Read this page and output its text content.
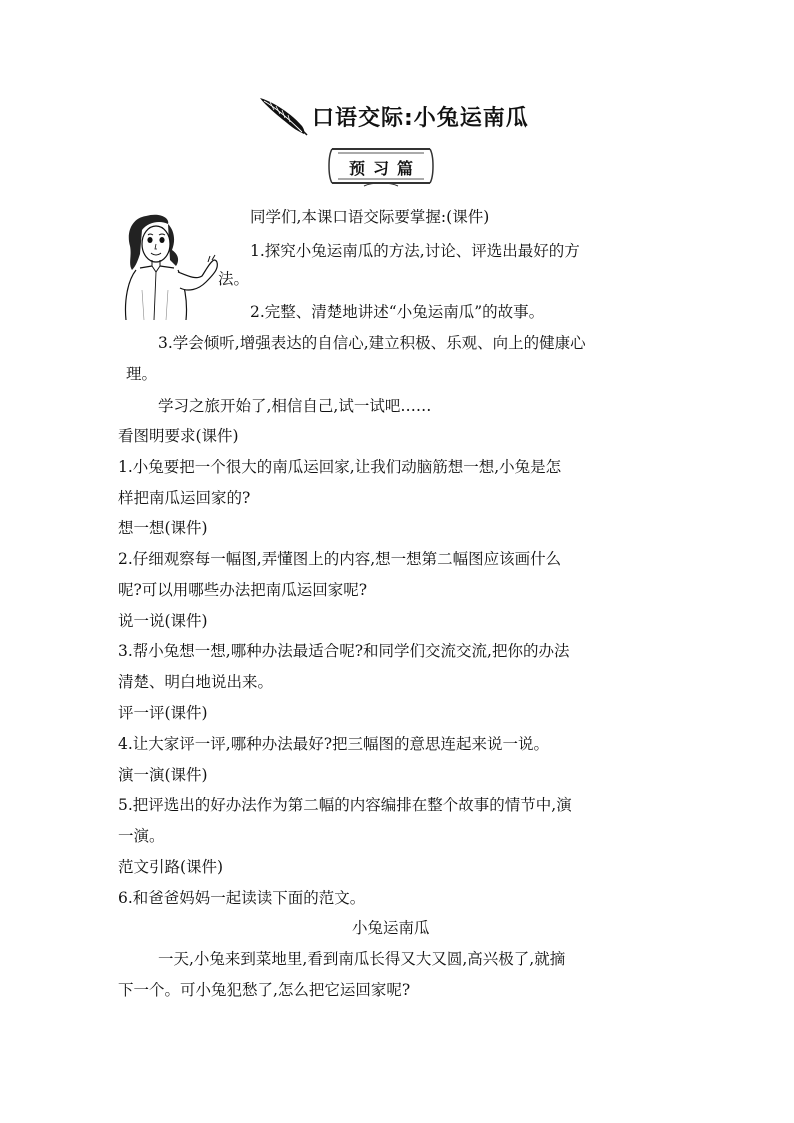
口语交际:小兔运南瓜
预习篇
同学们,本课口语交际要掌握:(课件)
1.探究小兔运南瓜的方法,讨论、评选出最好的方
法。
2.完整、清楚地讲述“小兔运南瓜”的故事。
3.学会倾听,增强表达的自信心,建立积极、乐观、向上的健康心
理。
学习之旅开始了,相信自己,试一试吧……
看图明要求(课件)
1.小兔要把一个很大的南瓜运回家,让我们动脑筋想一想,小兔是怎
样把南瓜运回家的?
想一想(课件)
2.仔细观察每一幅图,弄懂图上的内容,想一想第二幅图应该画什么
呢?可以用哪些办法把南瓜运回家呢?
说一说(课件)
3.帮小兔想一想,哪种办法最适合呢?和同学们交流交流,把你的办法
清楚、明白地说出来。
评一评(课件)
4.让大家评一评,哪种办法最好?把三幅图的意思连起来说一说。
演一演(课件)
5.把评选出的好办法作为第二幅的内容编排在整个故事的情节中,演
一演。
范文引路(课件)
6.和爸爸妈妈一起读读下面的范文。
小兔运南瓜
一天,小兔来到菜地里,看到南瓜长得又大又圆,高兴极了,就摘
下一个。可小兔犯愁了,怎么把它运回家呢?
